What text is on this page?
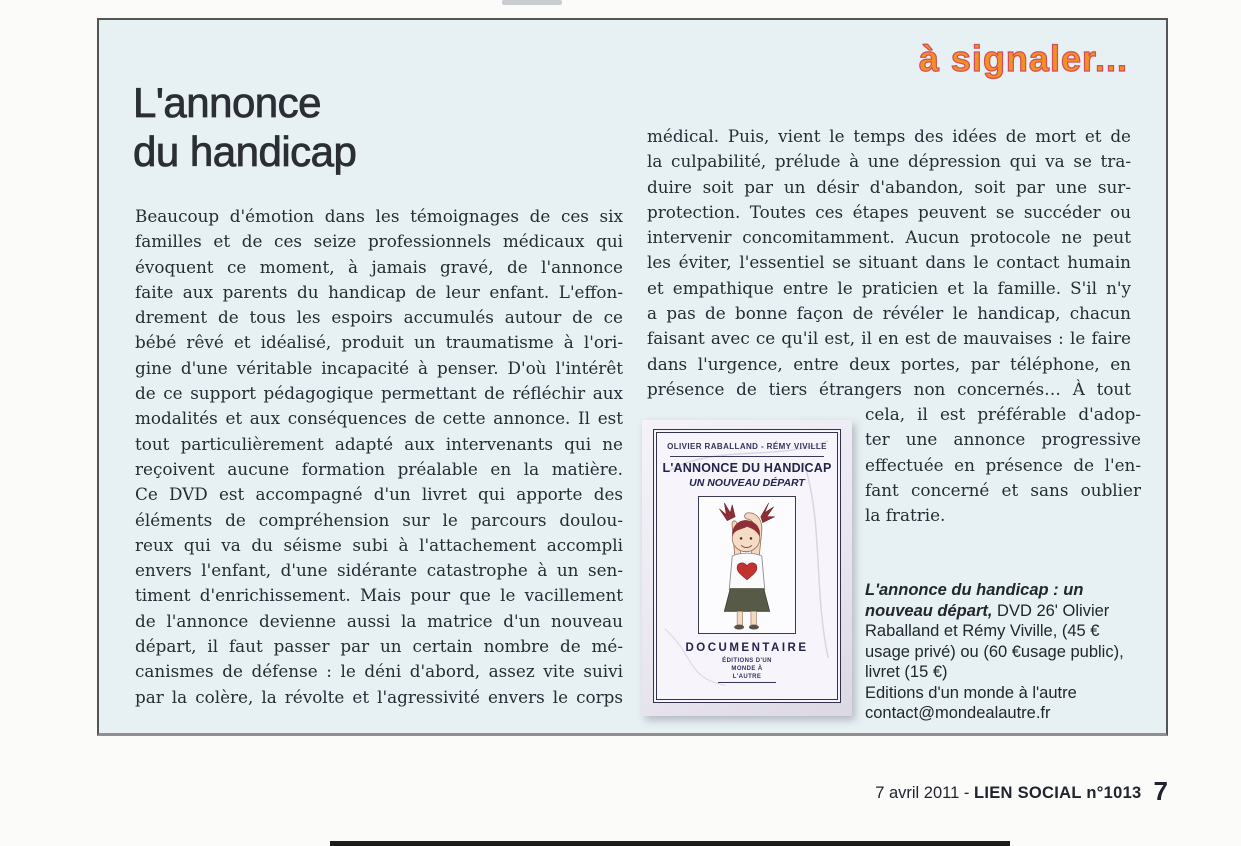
à signaler...
L'annonce
du handicap
Beaucoup d'émotion dans les témoignages de ces six
familles et de ces seize professionnels médicaux qui
évoquent ce moment, à jamais gravé, de l'annonce
faite aux parents du handicap de leur enfant. L'effon-
drement de tous les espoirs accumulés autour de ce
bébé rêvé et idéalisé, produit un traumatisme à l'ori-
gine d'une véritable incapacité à penser. D'où l'intérêt
de ce support pédagogique permettant de réfléchir aux
modalités et aux conséquences de cette annonce. Il est
tout particulièrement adapté aux intervenants qui ne
reçoivent aucune formation préalable en la matière.
Ce DVD est accompagné d'un livret qui apporte des
éléments de compréhension sur le parcours doulou-
reux qui va du séisme subi à l'attachement accompli
envers l'enfant, d'une sidérante catastrophe à un sen-
timent d'enrichissement. Mais pour que le vacillement
de l'annonce devienne aussi la matrice d'un nouveau
départ, il faut passer par un certain nombre de mé-
canismes de défense : le déni d'abord, assez vite suivi
par la colère, la révolte et l'agressivité envers le corps
médical. Puis, vient le temps des idées de mort et de
la culpabilité, prélude à une dépression qui va se tra-
duire soit par un désir d'abandon, soit par une sur-
protection. Toutes ces étapes peuvent se succéder ou
intervenir concomitamment. Aucun protocole ne peut
les éviter, l'essentiel se situant dans le contact humain
et empathique entre le praticien et la famille. S'il n'y
a pas de bonne façon de révéler le handicap, chacun
faisant avec ce qu'il est, il en est de mauvaises : le faire
dans l'urgence, entre deux portes, par téléphone, en
présence de tiers étrangers non concernés… À tout
cela, il est préférable d'adop-
ter une annonce progressive
effectuée en présence de l'en-
fant concerné et sans oublier
la fratrie.
OLIVIER RABALLAND - RÉMY VIVILLE
L'ANNONCE DU HANDICAP
UN NOUVEAU DÉPART
DOCUMENTAIRE
ÉDITIONS D'UN MONDE À L'AUTRE

L'annonce du handicap : un nouveau départ, DVD 26' Olivier Raballand et Rémy Viville, (45 € usage privé) ou (60 €usage public), livret (15 €)

Editions d'un monde à l'autre
contact@mondealautre.fr
7 avril 2011 - LIEN SOCIAL n°1013 7
